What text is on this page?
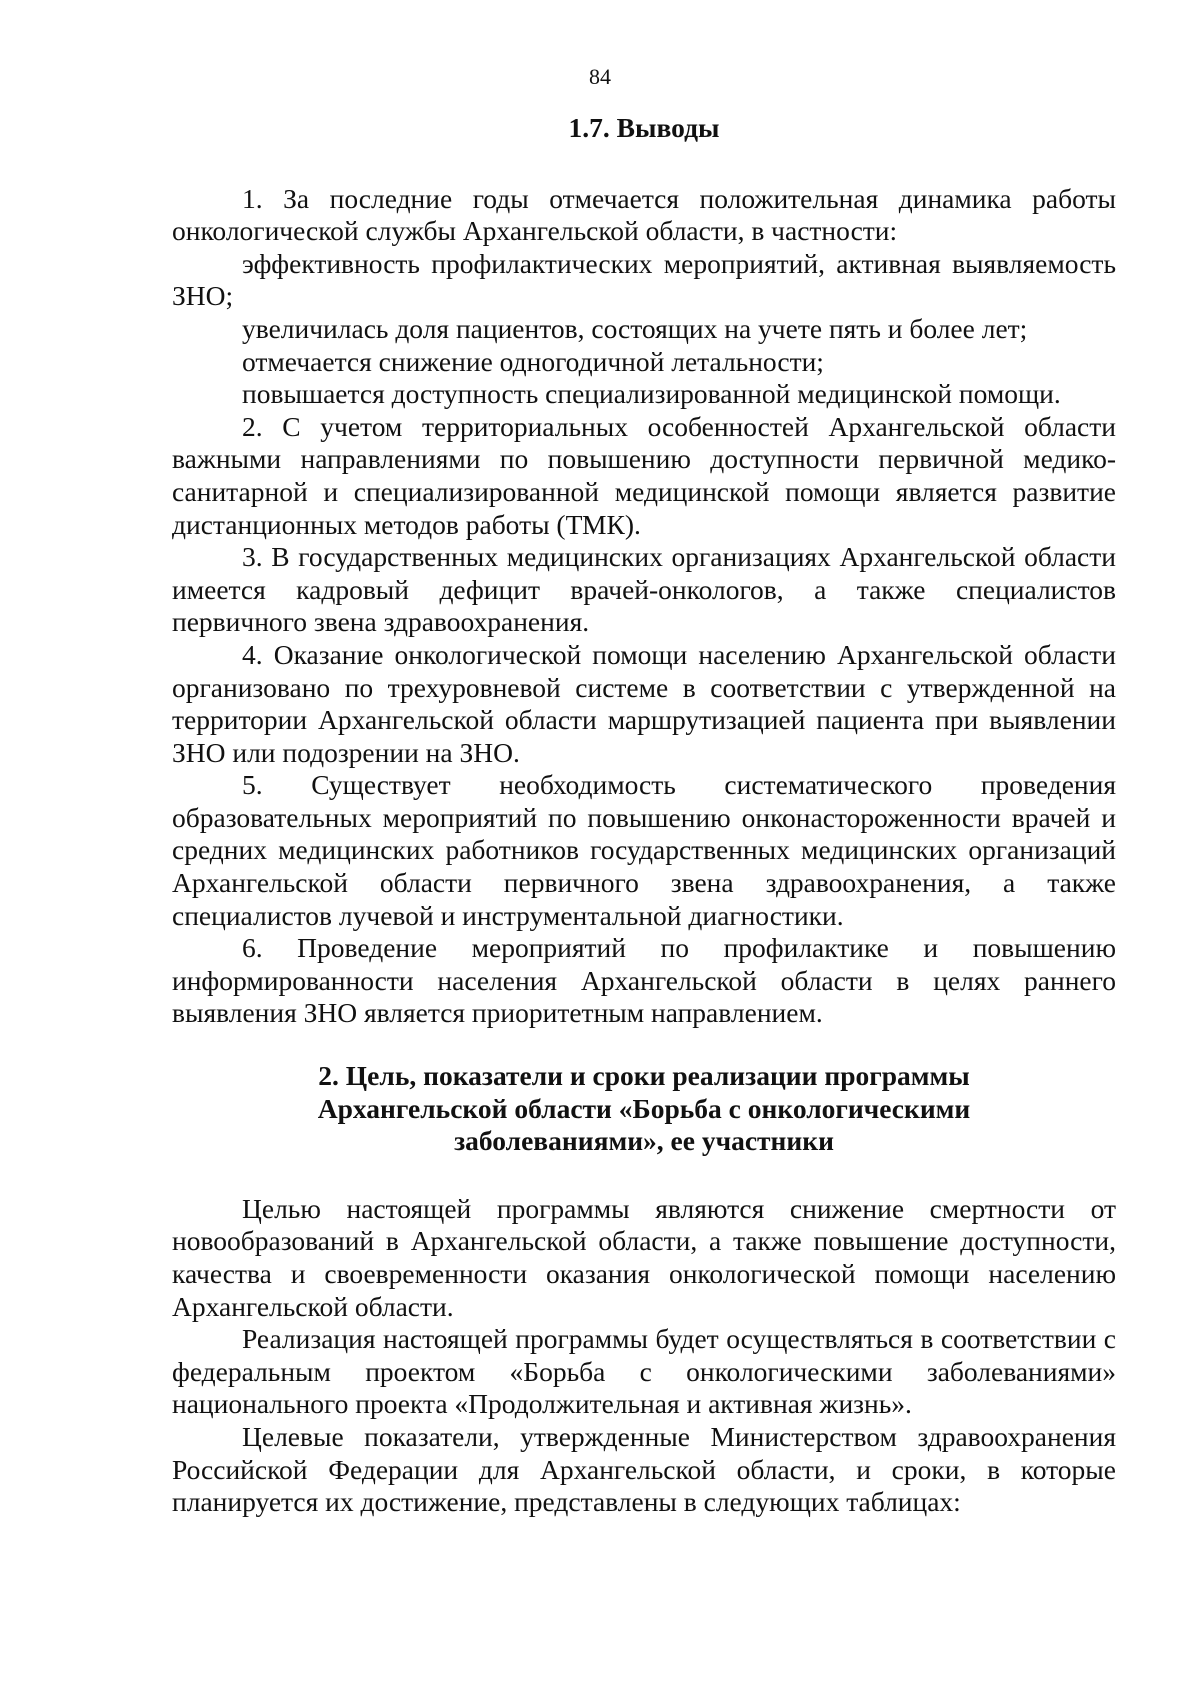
84
1.7. Выводы

1. За последние годы отмечается положительная динамика работы онкологической службы Архангельской области, в частности:

эффективность профилактических мероприятий, активная выявляемость ЗНО;

увеличилась доля пациентов, состоящих на учете пять и более лет;

отмечается снижение одногодичной летальности;

повышается доступность специализированной медицинской помощи.

2. С учетом территориальных особенностей Архангельской области важными направлениями по повышению доступности первичной медико-санитарной и специализированной медицинской помощи является развитие дистанционных методов работы (ТМК).

3. В государственных медицинских организациях Архангельской области имеется кадровый дефицит врачей-онкологов, а также специалистов первичного звена здравоохранения.

4. Оказание онкологической помощи населению Архангельской области организовано по трехуровневой системе в соответствии с утвержденной на территории Архангельской области маршрутизацией пациента при выявлении ЗНО или подозрении на ЗНО.

5. Существует необходимость систематического проведения образовательных мероприятий по повышению онконастороженности врачей и средних медицинских работников государственных медицинских организаций Архангельской области первичного звена здравоохранения, а также специалистов лучевой и инструментальной диагностики.

6. Проведение мероприятий по профилактике и повышению информированности населения Архангельской области в целях раннего выявления ЗНО является приоритетным направлением.

2. Цель, показатели и сроки реализации программы
Архангельской области «Борьба с онкологическими
заболеваниями», ее участники

Целью настоящей программы являются снижение смертности от новообразований в Архангельской области, а также повышение доступности, качества и своевременности оказания онкологической помощи населению Архангельской области.

Реализация настоящей программы будет осуществляться в соответствии с федеральным проектом «Борьба с онкологическими заболеваниями» национального проекта «Продолжительная и активная жизнь».

Целевые показатели, утвержденные Министерством здравоохранения Российской Федерации для Архангельской области, и сроки, в которые планируется их достижение, представлены в следующих таблицах:
